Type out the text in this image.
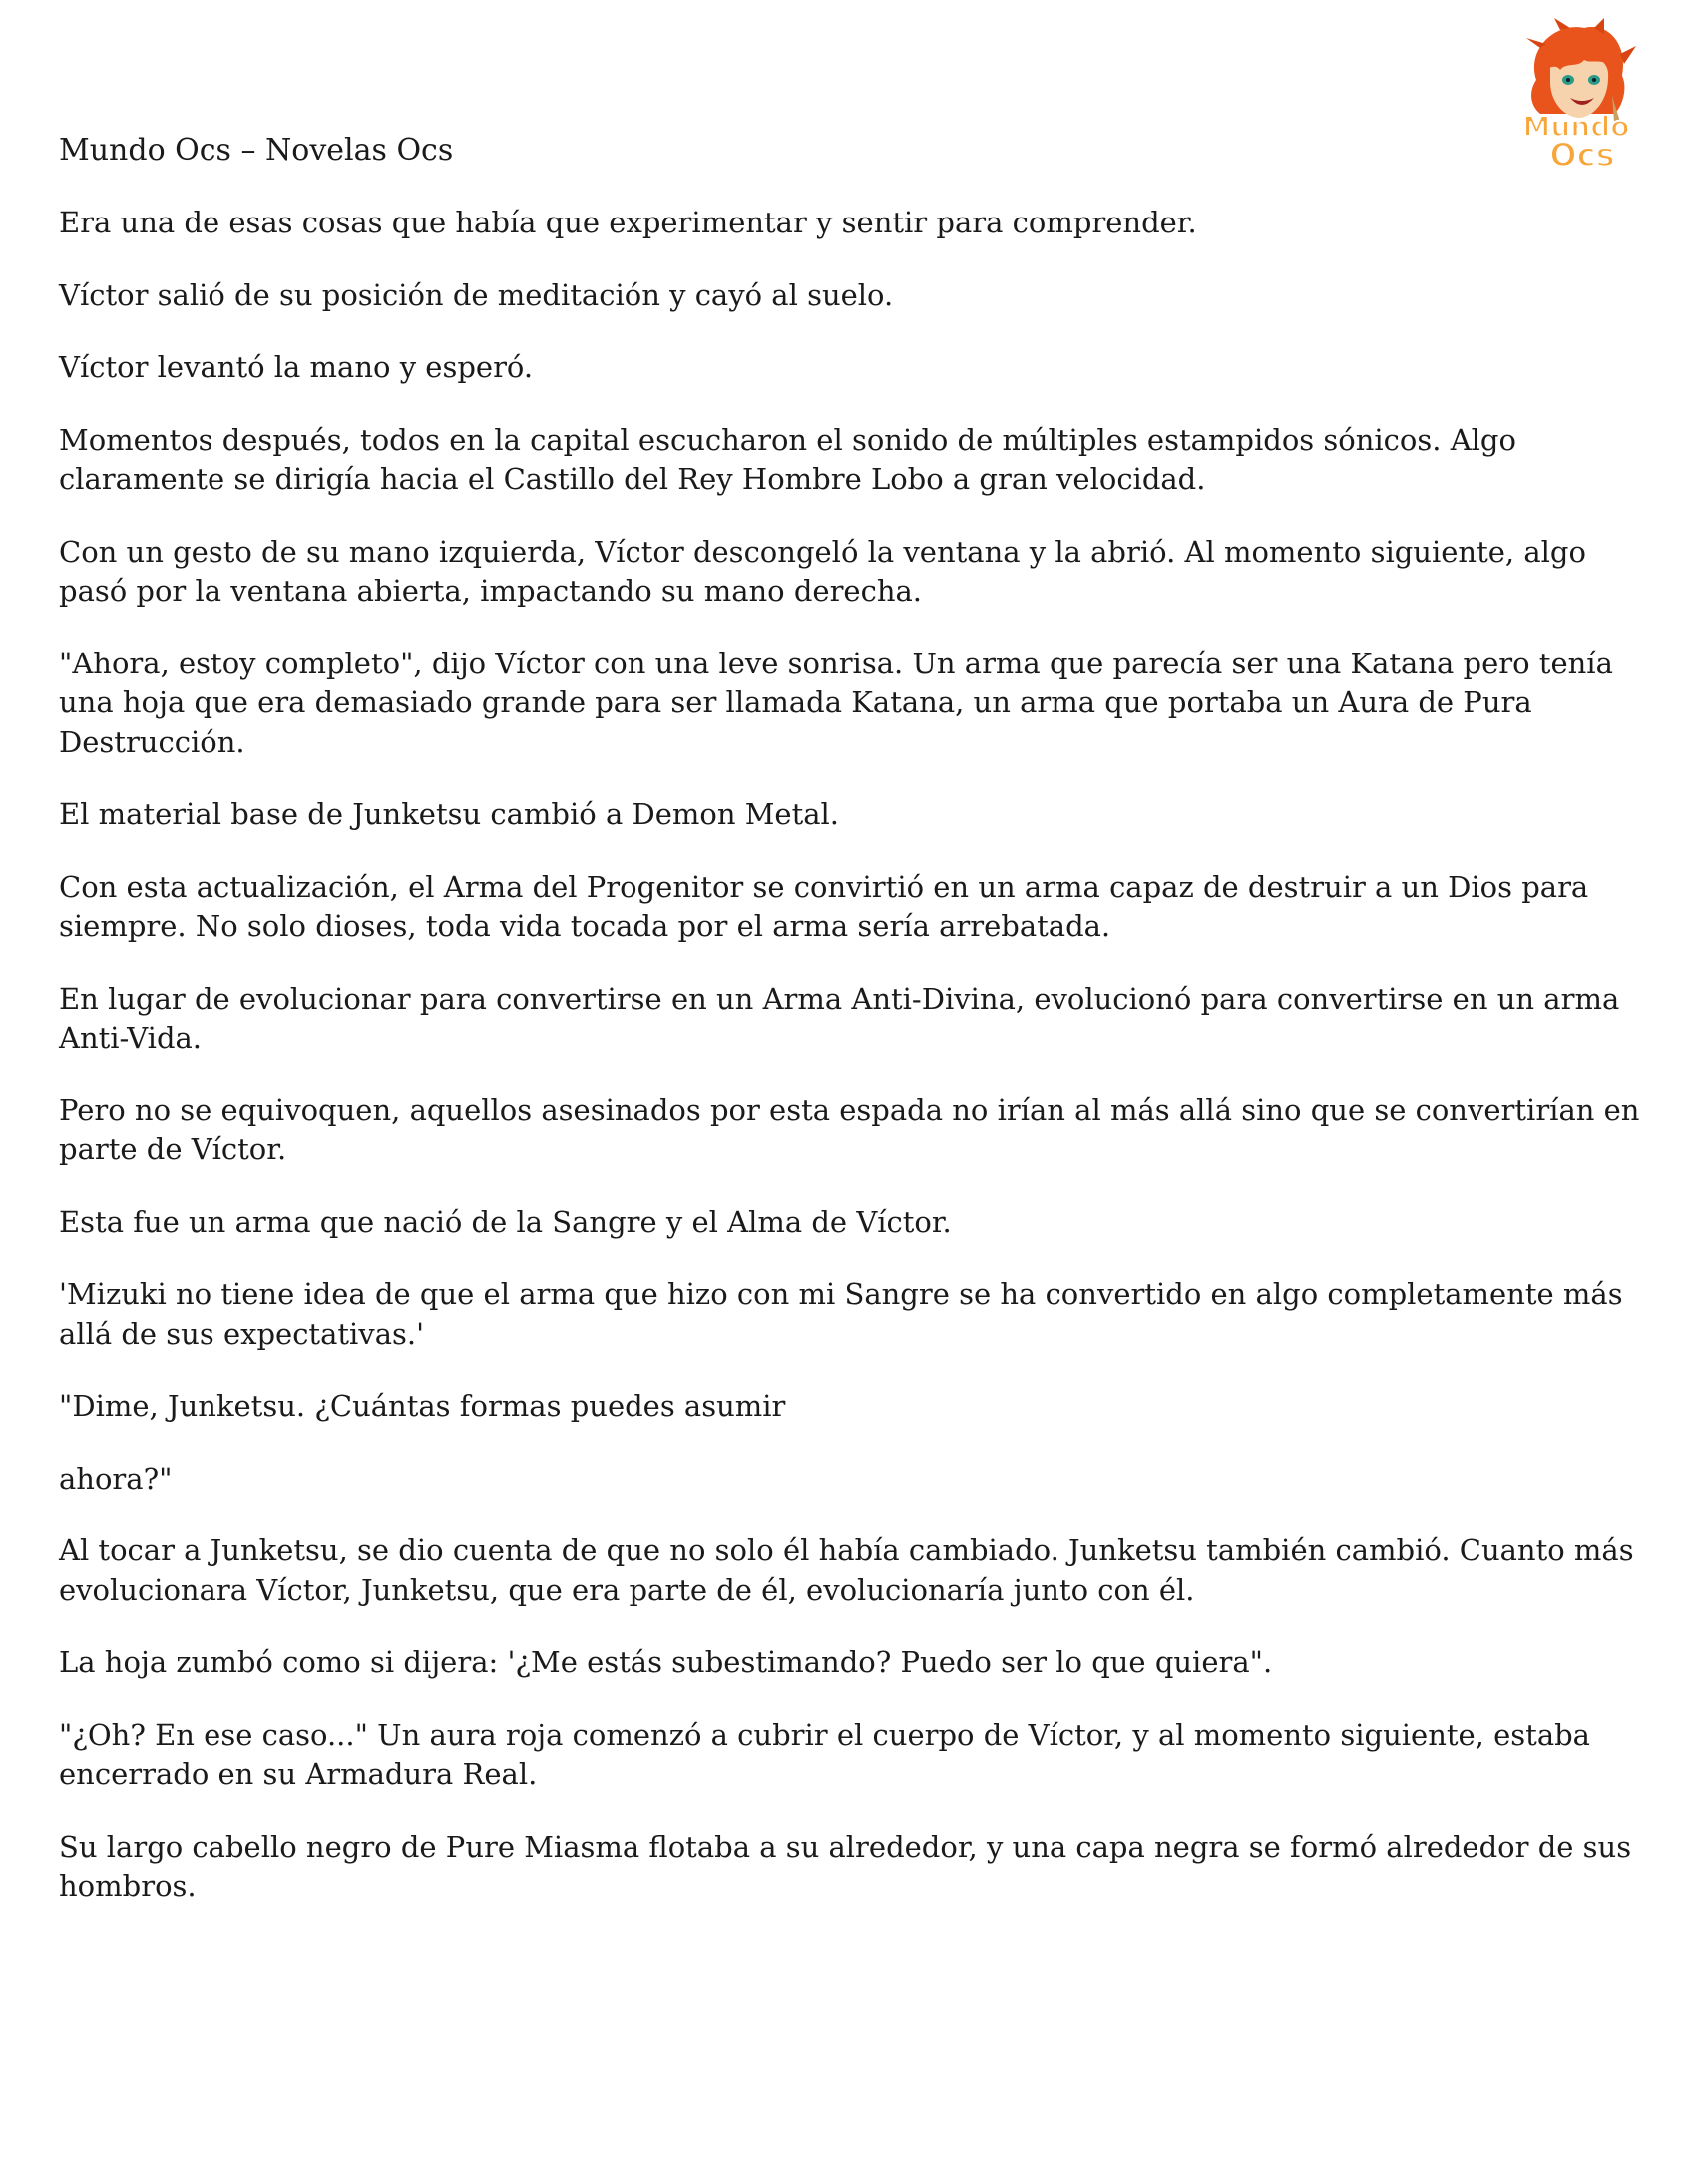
Mundo Ocs – Novelas Ocs
Mundo
Ocs

Era una de esas cosas que había que experimentar y sentir para comprender.

Víctor salió de su posición de meditación y cayó al suelo.

Víctor levantó la mano y esperó.

Momentos después, todos en la capital escucharon el sonido de múltiples estampidos sónicos. Algo claramente se dirigía hacia el Castillo del Rey Hombre Lobo a gran velocidad.

Con un gesto de su mano izquierda, Víctor descongeló la ventana y la abrió. Al momento siguiente, algo pasó por la ventana abierta, impactando su mano derecha.

"Ahora, estoy completo", dijo Víctor con una leve sonrisa. Un arma que parecía ser una Katana pero tenía una hoja que era demasiado grande para ser llamada Katana, un arma que portaba un Aura de Pura Destrucción.

El material base de Junketsu cambió a Demon Metal.

Con esta actualización, el Arma del Progenitor se convirtió en un arma capaz de destruir a un Dios para siempre. No solo dioses, toda vida tocada por el arma sería arrebatada.

En lugar de evolucionar para convertirse en un Arma Anti-Divina, evolucionó para convertirse en un arma Anti-Vida.

Pero no se equivoquen, aquellos asesinados por esta espada no irían al más allá sino que se convertirían en parte de Víctor.

Esta fue un arma que nació de la Sangre y el Alma de Víctor.

'Mizuki no tiene idea de que el arma que hizo con mi Sangre se ha convertido en algo completamente más allá de sus expectativas.'

"Dime, Junketsu. ¿Cuántas formas puedes asumir

ahora?"

Al tocar a Junketsu, se dio cuenta de que no solo él había cambiado. Junketsu también cambió. Cuanto más evolucionara Víctor, Junketsu, que era parte de él, evolucionaría junto con él.

La hoja zumbó como si dijera: '¿Me estás subestimando? Puedo ser lo que quiera".

"¿Oh? En ese caso..." Un aura roja comenzó a cubrir el cuerpo de Víctor, y al momento siguiente, estaba encerrado en su Armadura Real.

Su largo cabello negro de Pure Miasma flotaba a su alrededor, y una capa negra se formó alrededor de sus hombros.
